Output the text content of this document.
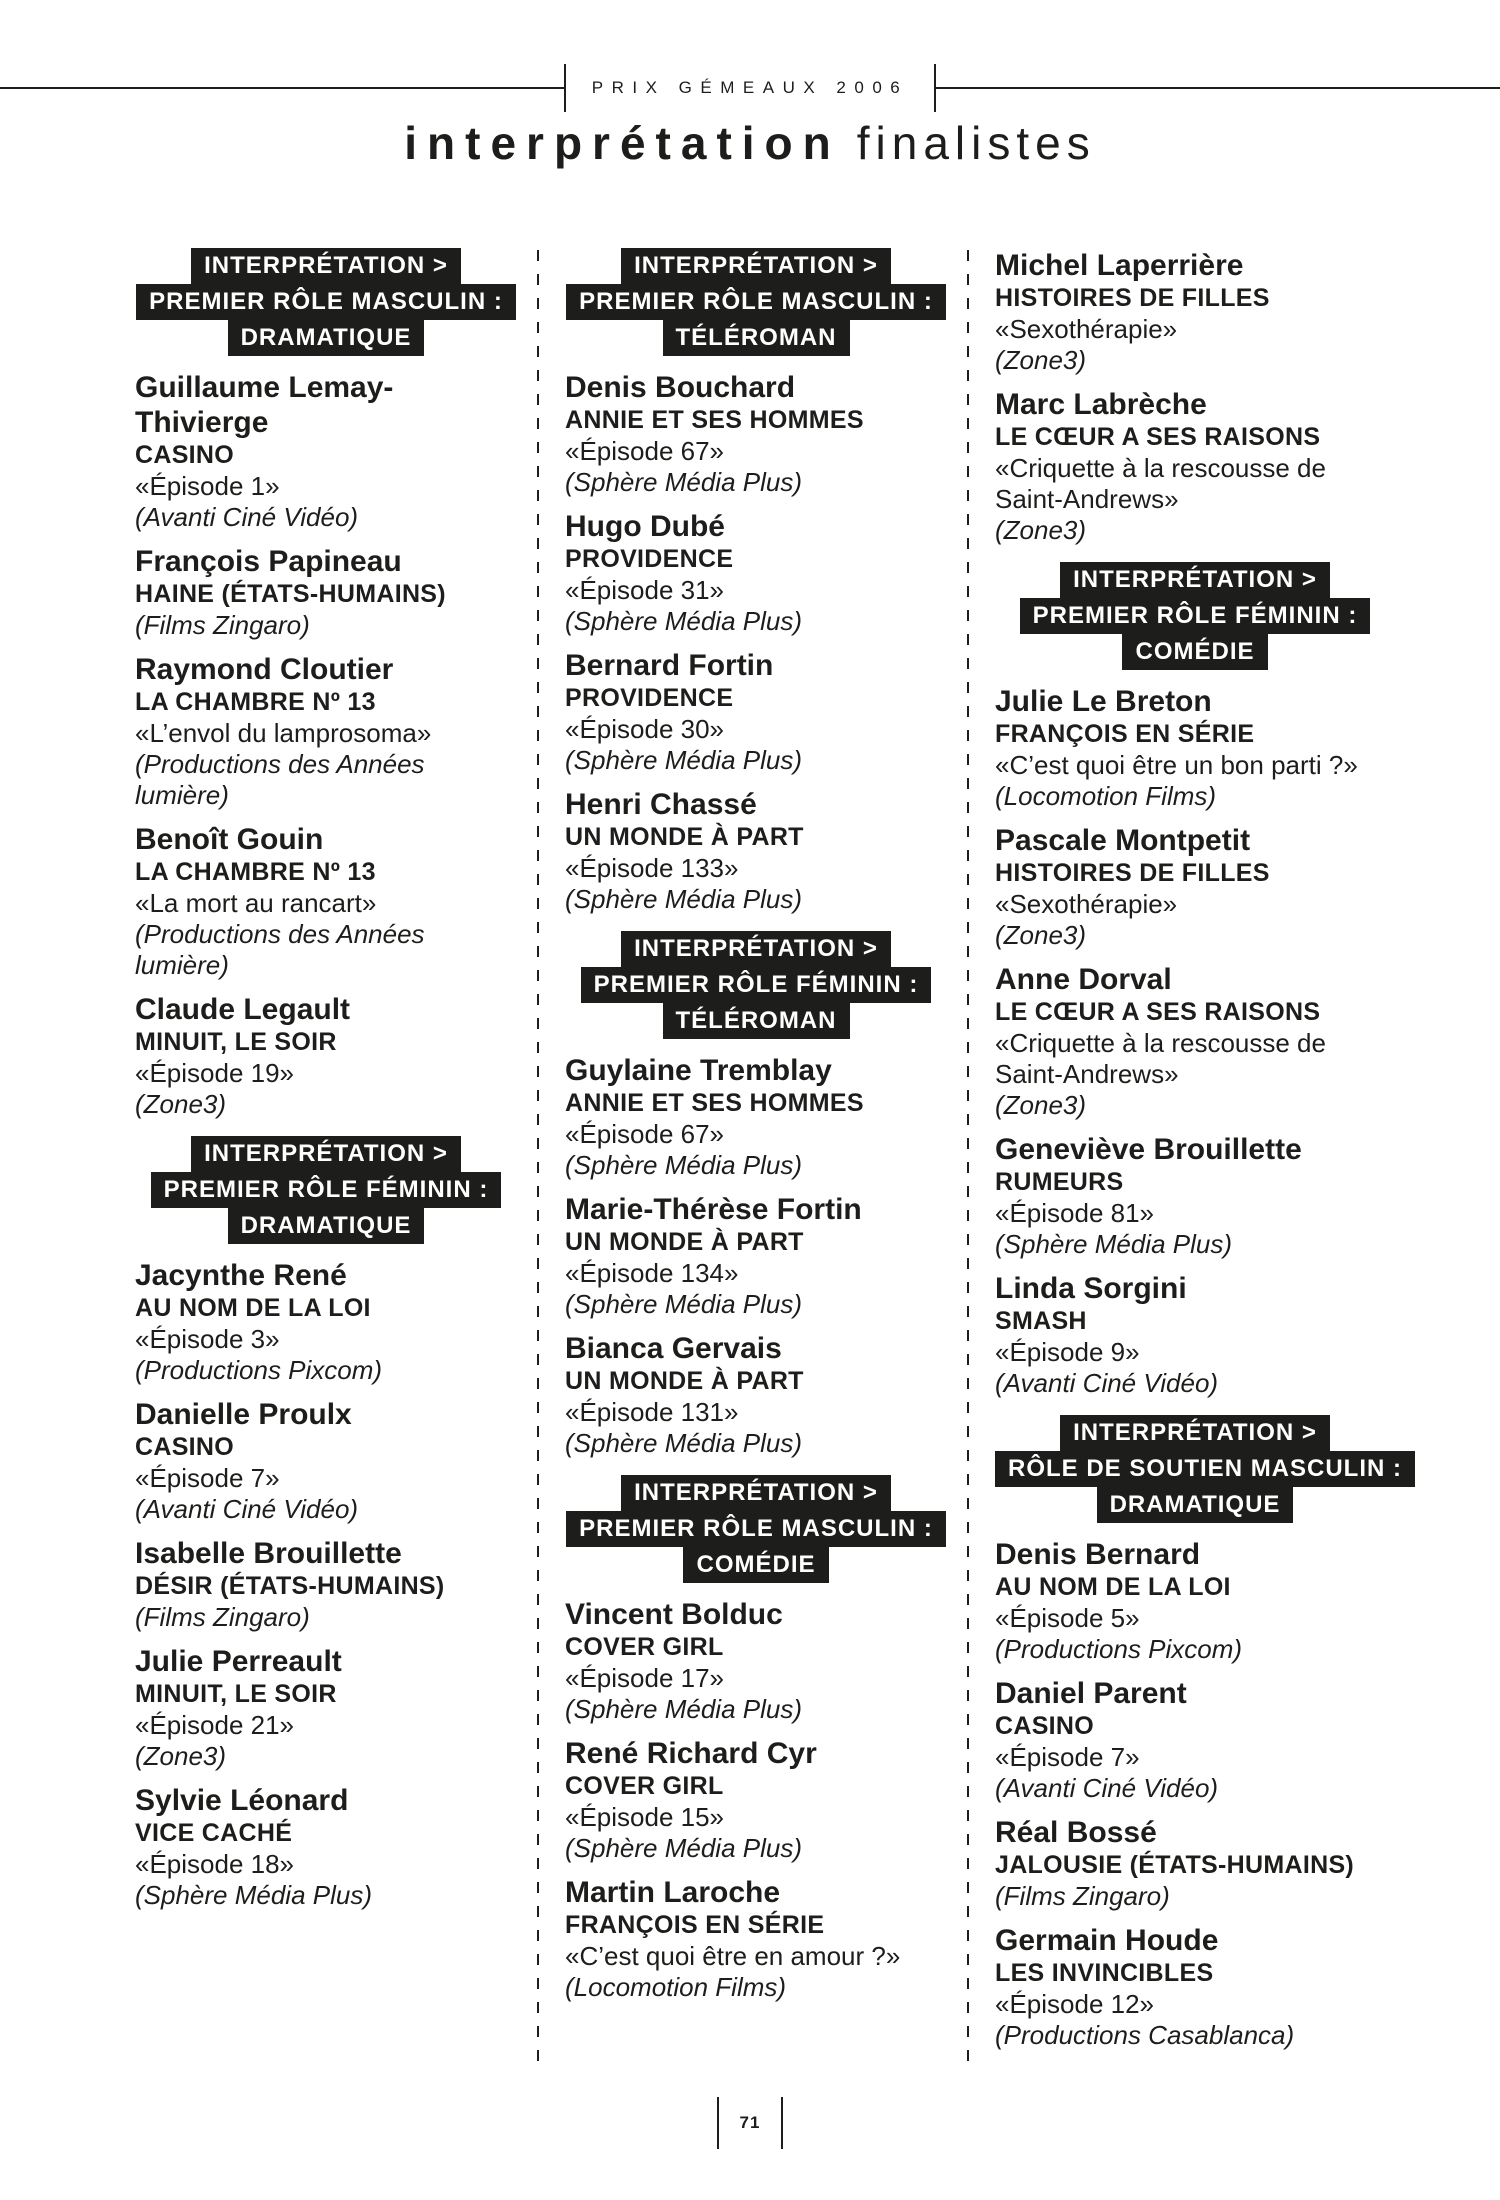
PRIX GÉMEAUX 2006
interprétation finalistes
INTERPRÉTATION >
PREMIER RÔLE MASCULIN :
DRAMATIQUE
Guillaume Lemay-Thivierge
CASINO
«Épisode 1»
(Avanti Ciné Vidéo)
François Papineau
HAINE (ÉTATS-HUMAINS)
(Films Zingaro)
Raymond Cloutier
LA CHAMBRE Nº 13
«L’envol du lamprosoma»
(Productions des Années lumière)
Benoît Gouin
LA CHAMBRE Nº 13
«La mort au rancart»
(Productions des Années lumière)
Claude Legault
MINUIT, LE SOIR
«Épisode 19»
(Zone3)
INTERPRÉTATION >
PREMIER RÔLE FÉMININ :
DRAMATIQUE
Jacynthe René
AU NOM DE LA LOI
«Épisode 3»
(Productions Pixcom)
Danielle Proulx
CASINO
«Épisode 7»
(Avanti Ciné Vidéo)
Isabelle Brouillette
DÉSIR (ÉTATS-HUMAINS)
(Films Zingaro)
Julie Perreault
MINUIT, LE SOIR
«Épisode 21»
(Zone3)
Sylvie Léonard
VICE CACHÉ
«Épisode 18»
(Sphère Média Plus)
INTERPRÉTATION >
PREMIER RÔLE MASCULIN :
TÉLÉROMAN
Denis Bouchard
ANNIE ET SES HOMMES
«Épisode 67»
(Sphère Média Plus)
Hugo Dubé
PROVIDENCE
«Épisode 31»
(Sphère Média Plus)
Bernard Fortin
PROVIDENCE
«Épisode 30»
(Sphère Média Plus)
Henri Chassé
UN MONDE À PART
«Épisode 133»
(Sphère Média Plus)
INTERPRÉTATION >
PREMIER RÔLE FÉMININ :
TÉLÉROMAN
Guylaine Tremblay
ANNIE ET SES HOMMES
«Épisode 67»
(Sphère Média Plus)
Marie-Thérèse Fortin
UN MONDE À PART
«Épisode 134»
(Sphère Média Plus)
Bianca Gervais
UN MONDE À PART
«Épisode 131»
(Sphère Média Plus)
INTERPRÉTATION >
PREMIER RÔLE MASCULIN :
COMÉDIE
Vincent Bolduc
COVER GIRL
«Épisode 17»
(Sphère Média Plus)
René Richard Cyr
COVER GIRL
«Épisode 15»
(Sphère Média Plus)
Martin Laroche
FRANÇOIS EN SÉRIE
«C’est quoi être en amour ?»
(Locomotion Films)
Michel Laperrière
HISTOIRES DE FILLES
«Sexothérapie»
(Zone3)
Marc Labrèche
LE CŒUR A SES RAISONS
«Criquette à la rescousse de Saint-Andrews»
(Zone3)
INTERPRÉTATION >
PREMIER RÔLE FÉMININ :
COMÉDIE
Julie Le Breton
FRANÇOIS EN SÉRIE
«C’est quoi être un bon parti ?»
(Locomotion Films)
Pascale Montpetit
HISTOIRES DE FILLES
«Sexothérapie»
(Zone3)
Anne Dorval
LE CŒUR A SES RAISONS
«Criquette à la rescousse de Saint-Andrews»
(Zone3)
Geneviève Brouillette
RUMEURS
«Épisode 81»
(Sphère Média Plus)
Linda Sorgini
SMASH
«Épisode 9»
(Avanti Ciné Vidéo)
INTERPRÉTATION >
RÔLE DE SOUTIEN MASCULIN :
DRAMATIQUE
Denis Bernard
AU NOM DE LA LOI
«Épisode 5»
(Productions Pixcom)
Daniel Parent
CASINO
«Épisode 7»
(Avanti Ciné Vidéo)
Réal Bossé
JALOUSIE (ÉTATS-HUMAINS)
(Films Zingaro)
Germain Houde
LES INVINCIBLES
«Épisode 12»
(Productions Casablanca)
71
